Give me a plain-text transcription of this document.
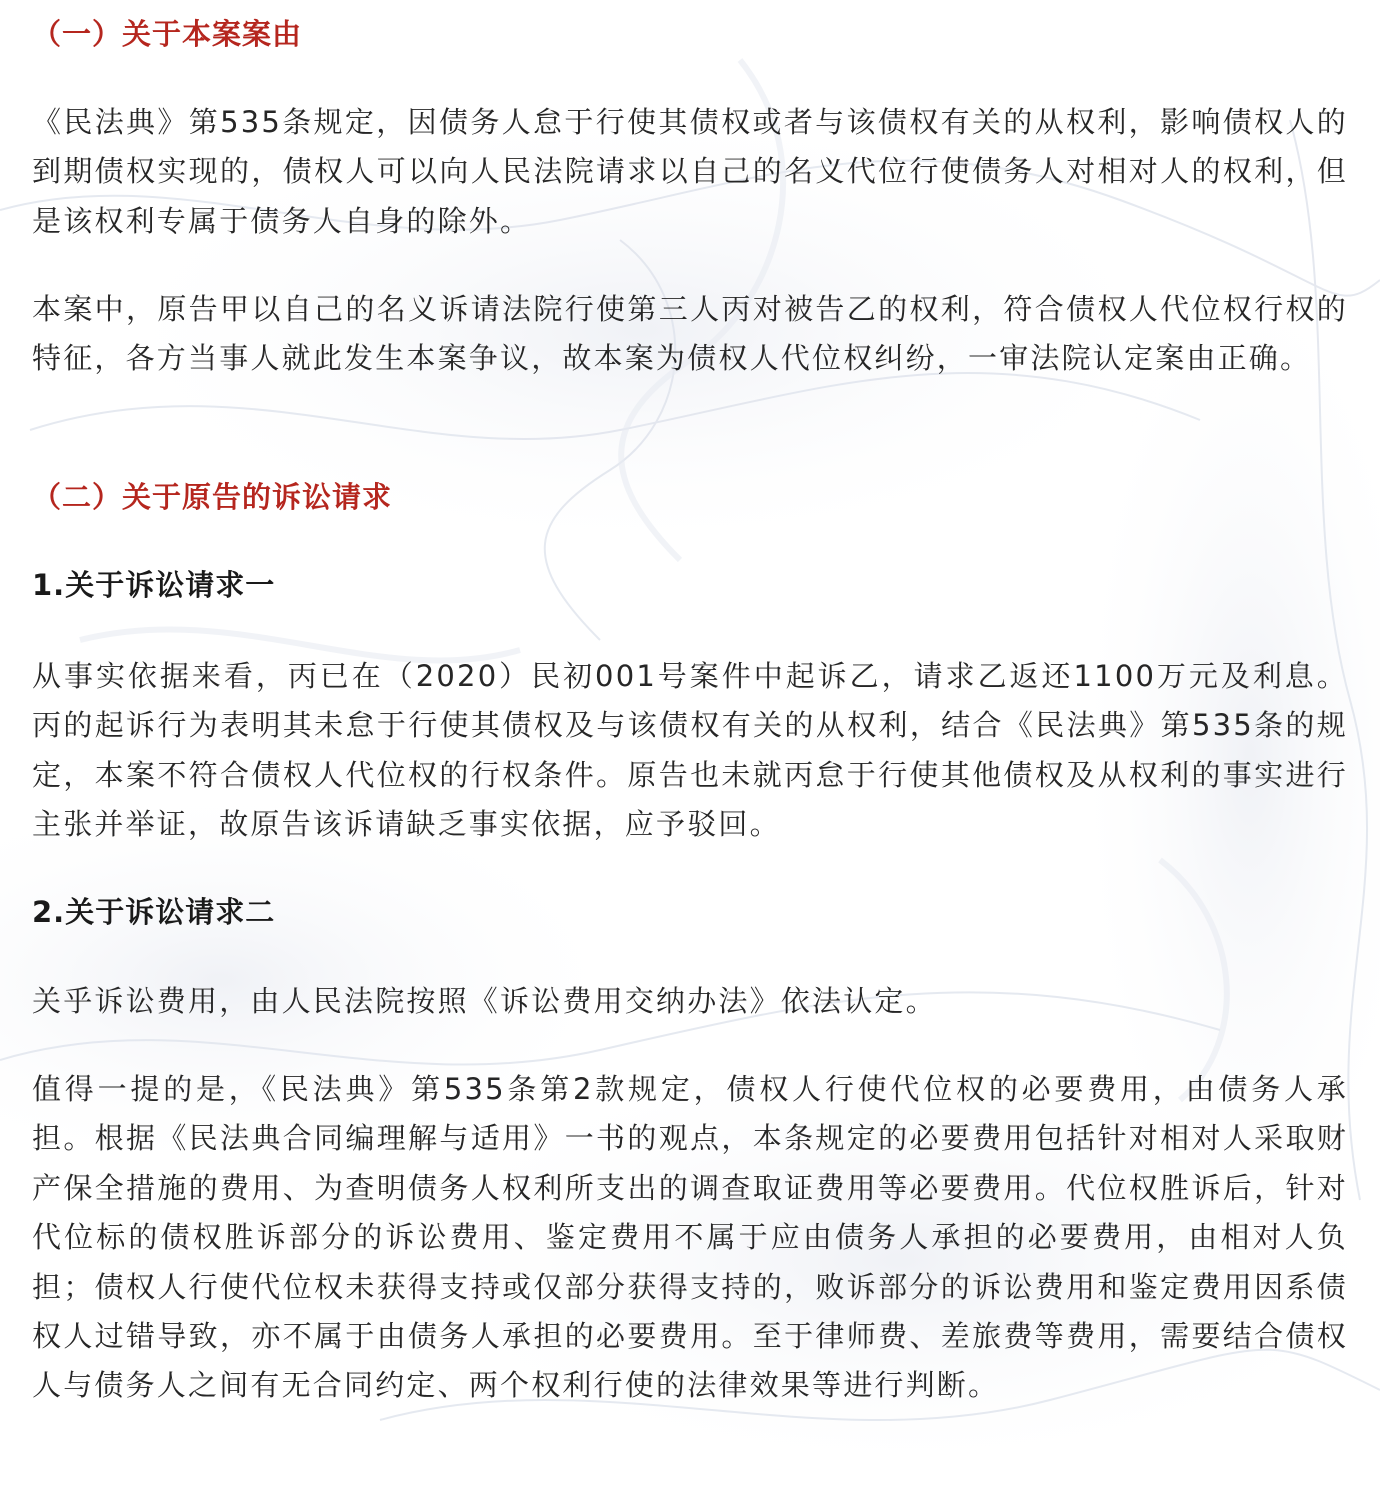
（一）关于本案案由

《民法典》第535条规定，因债务人怠于行使其债权或者与该债权有关的从权利，影响债权人的到期债权实现的，债权人可以向人民法院请求以自己的名义代位行使债务人对相对人的权利，但是该权利专属于债务人自身的除外。

本案中，原告甲以自己的名义诉请法院行使第三人丙对被告乙的权利，符合债权人代位权行权的特征，各方当事人就此发生本案争议，故本案为债权人代位权纠纷，一审法院认定案由正确。

（二）关于原告的诉讼请求
1.关于诉讼请求一

从事实依据来看，丙已在（2020）民初001号案件中起诉乙，请求乙返还1100万元及利息。丙的起诉行为表明其未怠于行使其债权及与该债权有关的从权利，结合《民法典》第535条的规定，本案不符合债权人代位权的行权条件。原告也未就丙怠于行使其他债权及从权利的事实进行主张并举证，故原告该诉请缺乏事实依据，应予驳回。

2.关于诉讼请求二

关乎诉讼费用，由人民法院按照《诉讼费用交纳办法》依法认定。

值得一提的是，《民法典》第535条第2款规定，债权人行使代位权的必要费用，由债务人承担。根据《民法典合同编理解与适用》一书的观点，本条规定的必要费用包括针对相对人采取财产保全措施的费用、为查明债务人权利所支出的调查取证费用等必要费用。代位权胜诉后，针对代位标的债权胜诉部分的诉讼费用、鉴定费用不属于应由债务人承担的必要费用，由相对人负担；债权人行使代位权未获得支持或仅部分获得支持的，败诉部分的诉讼费用和鉴定费用因系债权人过错导致，亦不属于由债务人承担的必要费用。至于律师费、差旅费等费用，需要结合债权人与债务人之间有无合同约定、两个权利行使的法律效果等进行判断。
